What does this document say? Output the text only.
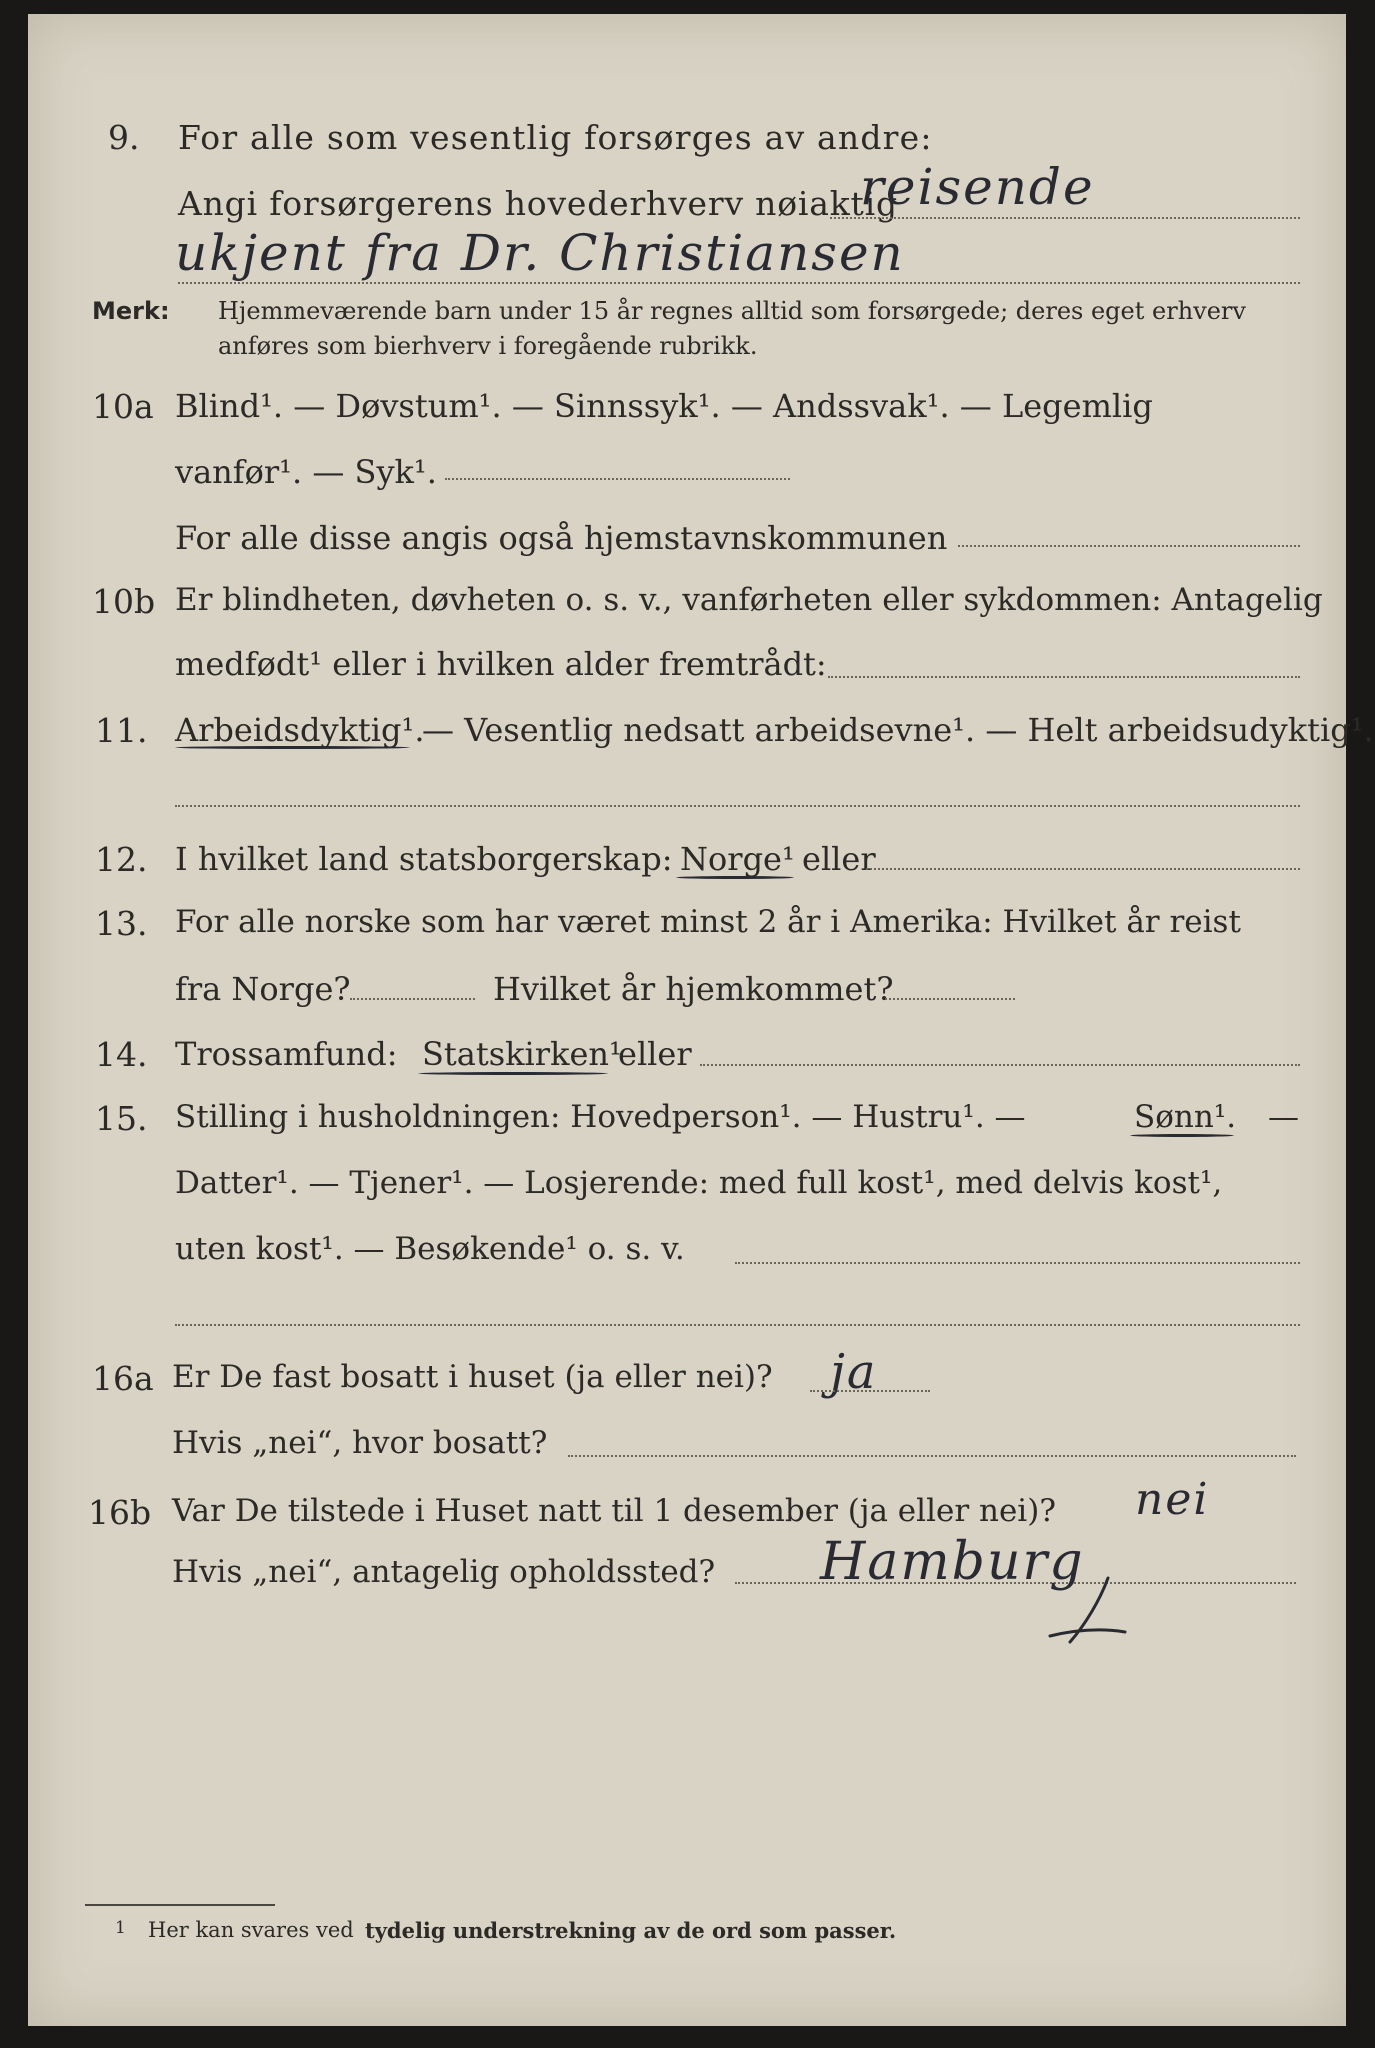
9. For alle som vesentlig forsørges av andre:
Angi forsørgerens hovederhverv nøiaktig
reisende
ukjent fra Dr. Christiansen
Merk: Hjemmeværende barn under 15 år regnes alltid som forsørgede; deres eget erhverv
anføres som bierhverv i foregående rubrikk.
10a Blind¹. — Døvstum¹. — Sinnssyk¹. — Andssvak¹. — Legemlig
vanfør¹. — Syk¹.
For alle disse angis også hjemstavnskommunen
10b Er blindheten, døvheten o. s. v., vanførheten eller sykdommen: Antagelig
medfødt¹ eller i hvilken alder fremtrådt:
11. Arbeidsdyktig¹.
— Vesentlig nedsatt arbeidsevne¹. — Helt arbeidsudyktig¹.
12. I hvilket land statsborgerskap: Norge¹ eller
13. For alle norske som har været minst 2 år i Amerika: Hvilket år reist
fra Norge?	Hvilket år hjemkommet?
14. Trossamfund: Statskirken¹
eller
15. Stilling i husholdningen: Hovedperson¹. — Hustru¹. —	Sønn¹. —
Datter¹. — Tjener¹. — Losjerende: med full kost¹, med delvis kost¹,
uten kost¹. — Besøkende¹ o. s. v.
16a Er De fast bosatt i huset (ja eller nei)? ja
Hvis „nei“, hvor bosatt?
16b Var De tilstede i Huset natt til 1 desember (ja eller nei)? nei
Hvis „nei“, antagelig opholdssted? Hamburg
1 Her kan svares ved tydelig understrekning av de ord som passer.
